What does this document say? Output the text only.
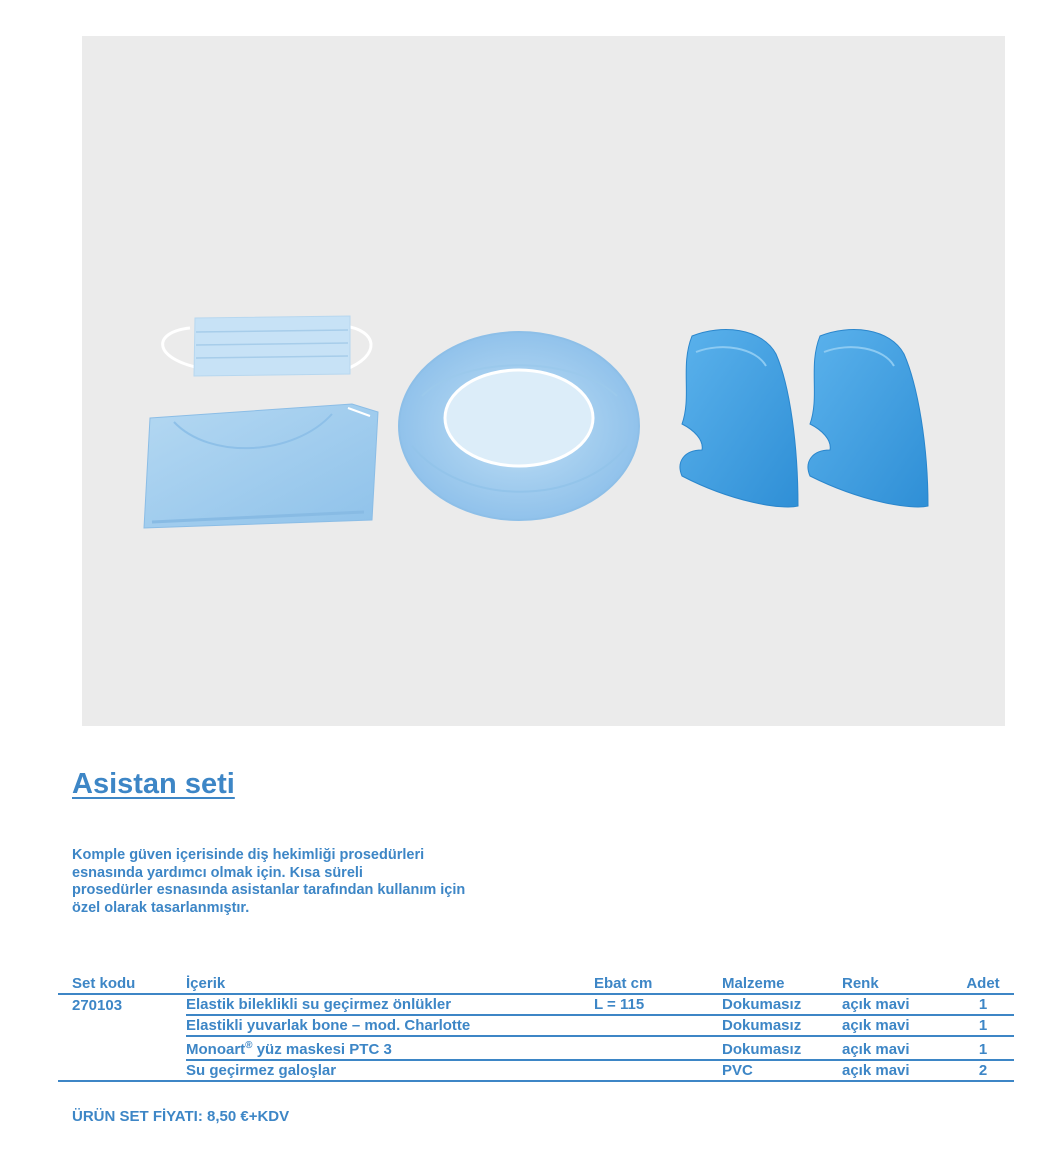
Asistan seti

Komple güven içerisinde diş hekimliği prosedürleri
esnasında yardımcı olmak için. Kısa süreli
prosedürler esnasında asistanlar tarafından kullanım için
özel olarak tasarlanmıştır.

Set kodu	İçerik	Ebat cm	Malzeme	Renk	Adet
270103	Elastik bileklikli su geçirmez önlükler	L = 115	Dokumasız	açık mavi	1
	Elastikli yuvarlak bone – mod. Charlotte		Dokumasız	açık mavi	1
	Monoart® yüz maskesi PTC 3		Dokumasız	açık mavi	1
	Su geçirmez galoşlar		PVC	açık mavi	2

ÜRÜN SET FİYATI: 8,50 €+KDV
